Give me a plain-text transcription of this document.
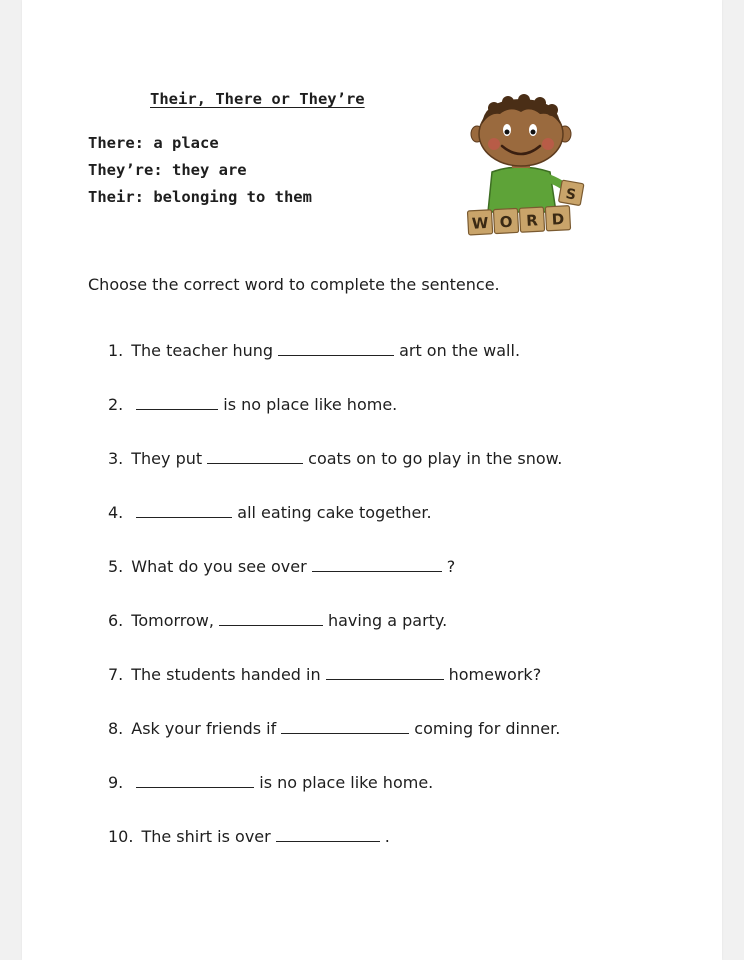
Their, There or They’re
There: a place
They’re: they are
Their: belonging to them	S
W O R D
Choose the correct word to complete the sentence.
1. The teacher hung	art on the wall.
2.	is no place like home.
3. They put	coats on to go play in the snow.
4.	all eating cake together.
5. What do you see over	?
6. Tomorrow,	having a party.
7. The students handed in	homework?
8. Ask your friends if	coming for dinner.
9.	is no place like home.
10. The shirt is over	.
